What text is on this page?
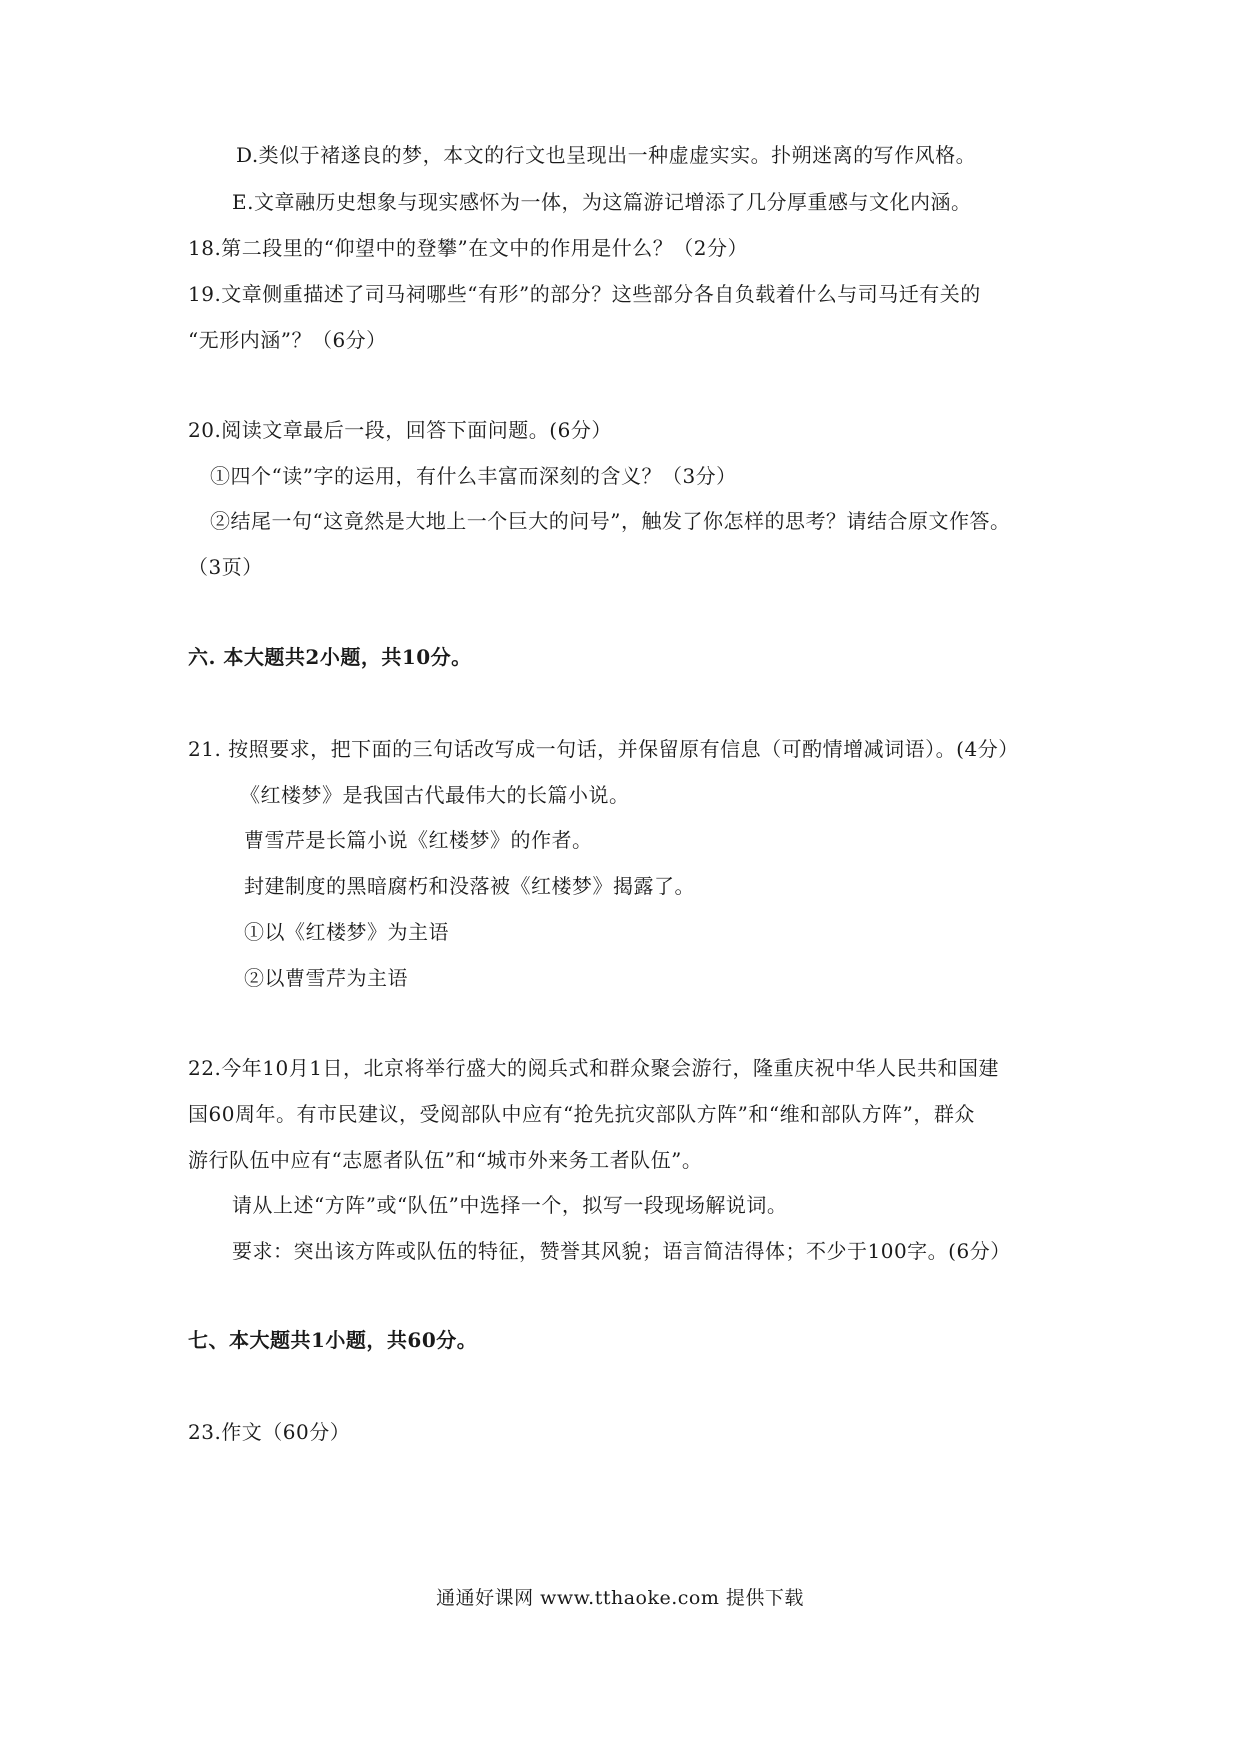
D.类似于褚遂良的梦，本文的行文也呈现出一种虚虚实实。扑朔迷离的写作风格。
E.文章融历史想象与现实感怀为一体，为这篇游记增添了几分厚重感与文化内涵。
18.第二段里的“仰望中的登攀”在文中的作用是什么？（2分）
19.文章侧重描述了司马祠哪些“有形”的部分？这些部分各自负载着什么与司马迁有关的
“无形内涵”？（6分）
20.阅读文章最后一段，回答下面问题。(6分）
①四个“读”字的运用，有什么丰富而深刻的含义？（3分）
②结尾一句“这竟然是大地上一个巨大的问号”，触发了你怎样的思考？请结合原文作答。
（3页）
六. 本大题共2小题，共10分。
21. 按照要求，把下面的三句话改写成一句话，并保留原有信息（可酌情增减词语）。(4分）
《红楼梦》是我国古代最伟大的长篇小说。
曹雪芹是长篇小说《红楼梦》的作者。
封建制度的黑暗腐朽和没落被《红楼梦》揭露了。
①以《红楼梦》为主语
②以曹雪芹为主语
22.今年10月1日，北京将举行盛大的阅兵式和群众聚会游行，隆重庆祝中华人民共和国建
国60周年。有市民建议，受阅部队中应有“抢先抗灾部队方阵”和“维和部队方阵”，群众
游行队伍中应有“志愿者队伍”和“城市外来务工者队伍”。
请从上述“方阵”或“队伍”中选择一个，拟写一段现场解说词。
要求：突出该方阵或队伍的特征，赞誉其风貌；语言简洁得体；不少于100字。(6分）
七、本大题共1小题，共60分。
23.作文（60分）
通通好课网 www.tthaoke.com 提供下载
